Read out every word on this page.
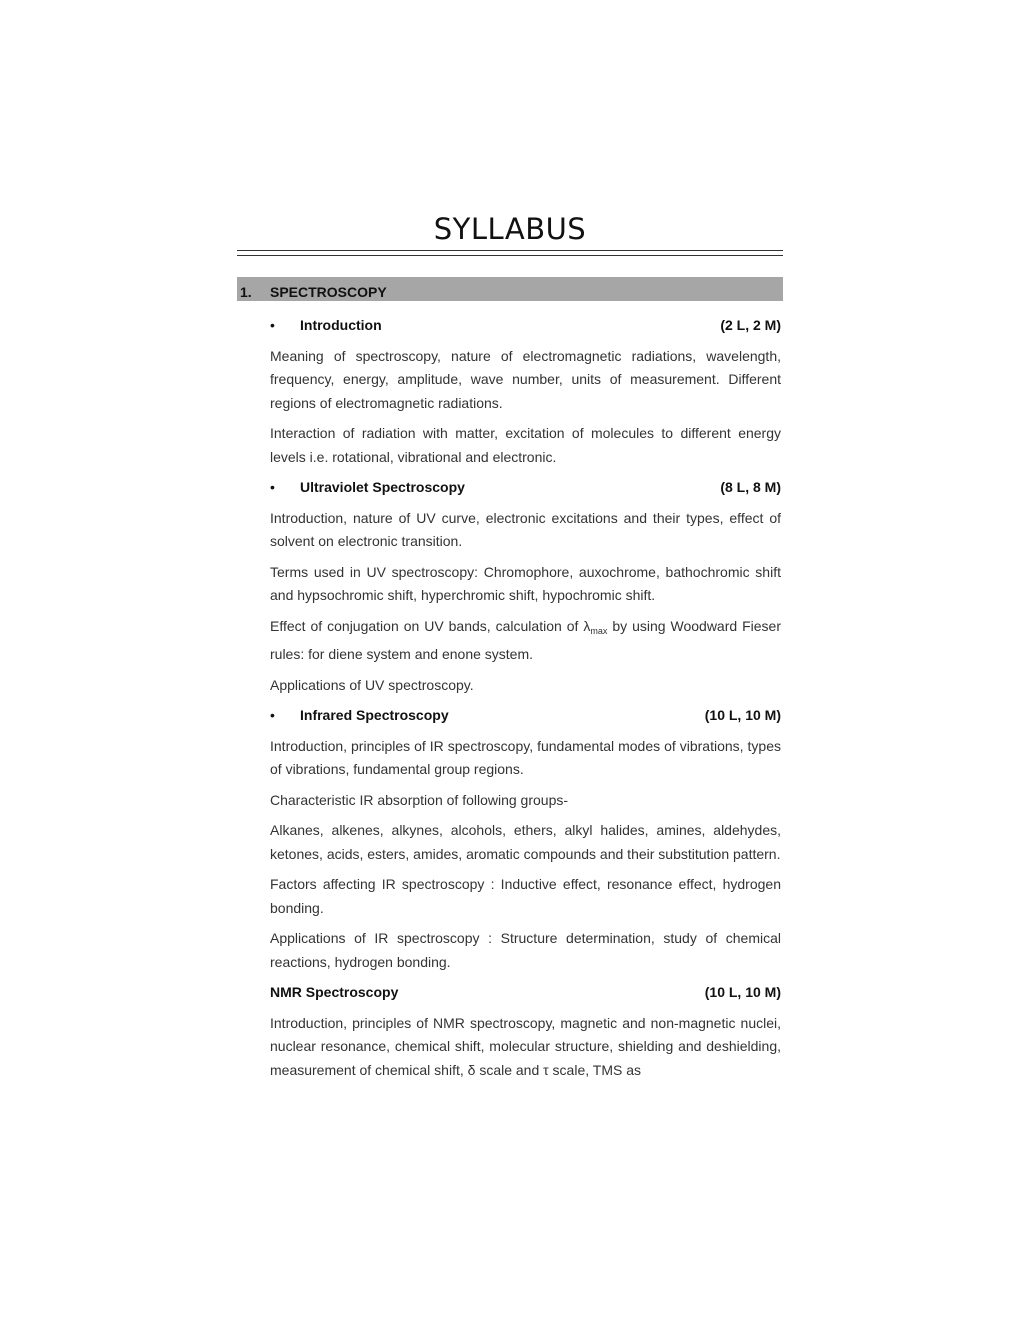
SYLLABUS
1. SPECTROSCOPY
•	Introduction	(2 L, 2 M)

Meaning of spectroscopy, nature of electromagnetic radiations, wavelength, frequency, energy, amplitude, wave number, units of measurement. Different regions of electromagnetic radiations.

Interaction of radiation with matter, excitation of molecules to different energy levels i.e. rotational, vibrational and electronic.

•	Ultraviolet Spectroscopy	(8 L, 8 M)

Introduction, nature of UV curve, electronic excitations and their types, effect of solvent on electronic transition.

Terms used in UV spectroscopy: Chromophore, auxochrome, bathochromic shift and hypsochromic shift, hyperchromic shift, hypochromic shift.

Effect of conjugation on UV bands, calculation of $\lambda_{max}$ by using Woodward Fieser rules: for diene system and enone system.

Applications of UV spectroscopy.

•	Infrared Spectroscopy	(10 L, 10 M)

Introduction, principles of IR spectroscopy, fundamental modes of vibrations, types of vibrations, fundamental group regions.

Characteristic IR absorption of following groups-

Alkanes, alkenes, alkynes, alcohols, ethers, alkyl halides, amines, aldehydes, ketones, acids, esters, amides, aromatic compounds and their substitution pattern.

Factors affecting IR spectroscopy : Inductive effect, resonance effect, hydrogen bonding.

Applications of IR spectroscopy : Structure determination, study of chemical reactions, hydrogen bonding.

NMR Spectroscopy	(10 L, 10 M)

Introduction, principles of NMR spectroscopy, magnetic and non-magnetic nuclei, nuclear resonance, chemical shift, molecular structure, shielding and deshielding, measurement of chemical shift, δ scale and τ scale, TMS as
